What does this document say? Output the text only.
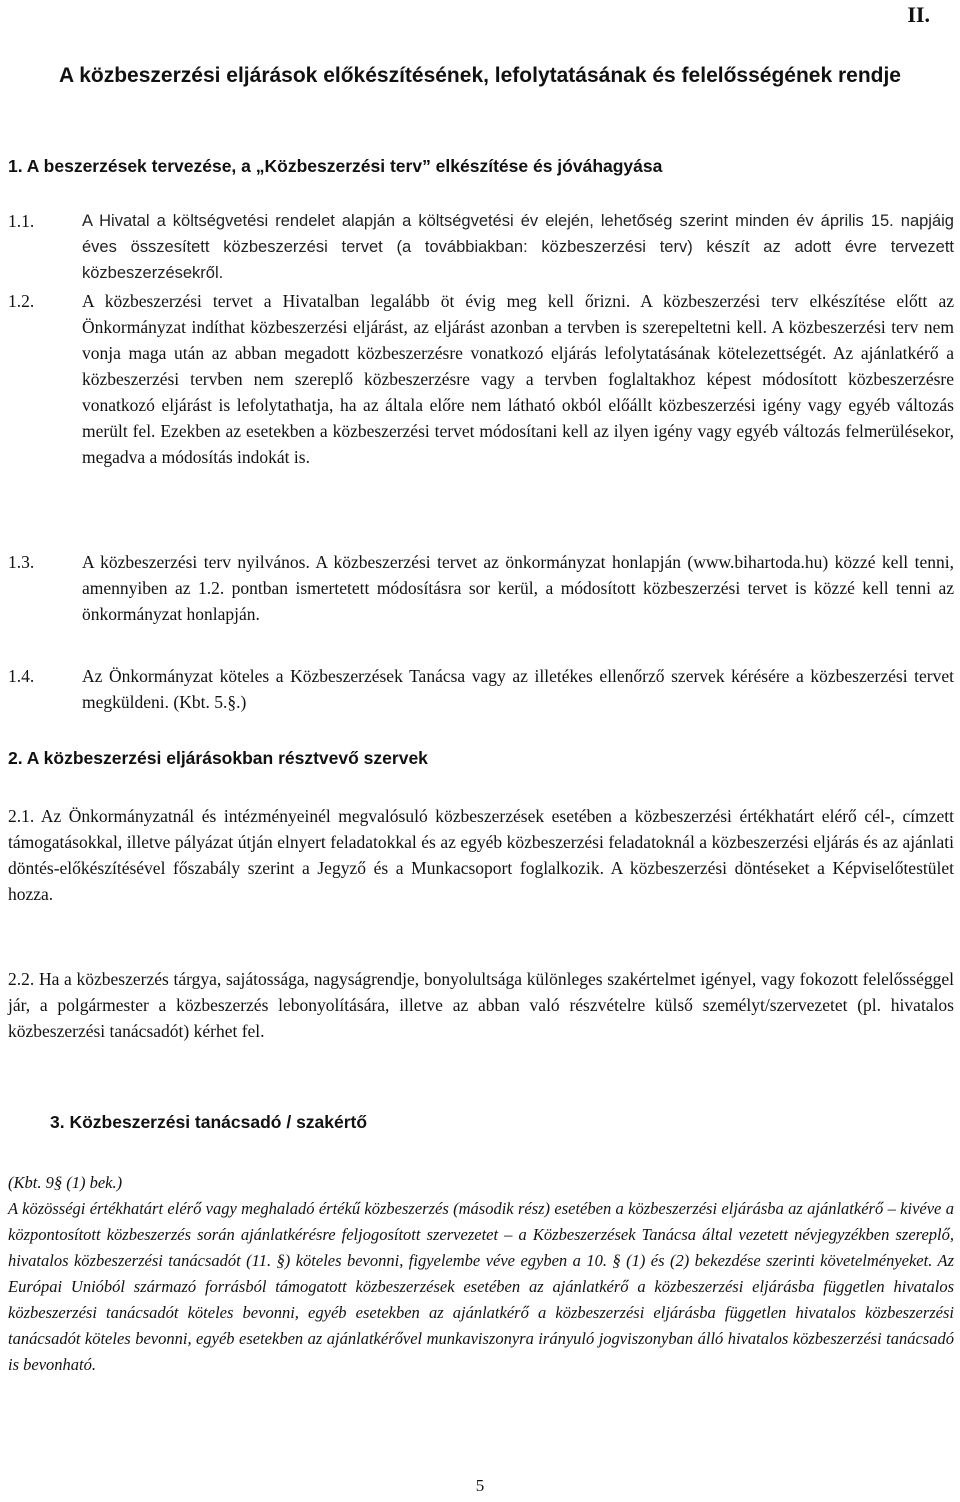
II.
A közbeszerzési eljárások előkészítésének, lefolytatásának és felelősségének rendje
1. A beszerzések tervezése, a „Közbeszerzési terv” elkészítése és jóváhagyása
1.1.	A Hivatal a költségvetési rendelet alapján a költségvetési év elején, lehetőség szerint minden év április 15. napjáig éves összesített közbeszerzési tervet (a továbbiakban: közbeszerzési terv) készít az adott évre tervezett közbeszerzésekről.
1.2.	A közbeszerzési tervet a Hivatalban legalább öt évig meg kell őrizni. A közbeszerzési terv elkészítése előtt az Önkormányzat indíthat közbeszerzési eljárást, az eljárást azonban a tervben is szerepeltetni kell. A közbeszerzési terv nem vonja maga után az abban megadott közbeszerzésre vonatkozó eljárás lefolytatásának kötelezettségét. Az ajánlatkérő a közbeszerzési tervben nem szereplő közbeszerzésre vagy a tervben foglaltakhoz képest módosított közbeszerzésre vonatkozó eljárást is lefolytathatja, ha az általa előre nem látható okból előállt közbeszerzési igény vagy egyéb változás merült fel. Ezekben az esetekben a közbeszerzési tervet módosítani kell az ilyen igény vagy egyéb változás felmerülésekor, megadva a módosítás indokát is.
1.3.	A közbeszerzési terv nyilvános. A közbeszerzési tervet az önkormányzat honlapján (www.bihartoda.hu) közzé kell tenni, amennyiben az 1.2. pontban ismertetett módosításra sor kerül, a módosított közbeszerzési tervet is közzé kell tenni az önkormányzat honlapján.
1.4.	Az Önkormányzat köteles a Közbeszerzések Tanácsa vagy az illetékes ellenőrző szervek kérésére a közbeszerzési tervet megküldeni. (Kbt. 5.§.)
2. A közbeszerzési eljárásokban résztvevő szervek
2.1. Az Önkormányzatnál és intézményeinél megvalósuló közbeszerzések esetében a közbeszerzési értékhatárt elérő cél-, címzett támogatásokkal, illetve pályázat útján elnyert feladatokkal és az egyéb közbeszerzési feladatoknál a közbeszerzési eljárás és az ajánlati döntés-előkészítésével főszabály szerint a Jegyző és a Munkacsoport foglalkozik. A közbeszerzési döntéseket a Képviselőtestület hozza.
2.2. Ha a közbeszerzés tárgya, sajátossága, nagyságrendje, bonyolultsága különleges szakértelmet igényel, vagy fokozott felelősséggel jár, a polgármester a közbeszerzés lebonyolítására, illetve az abban való részvételre külső személyt/szervezetet (pl. hivatalos közbeszerzési tanácsadót) kérhet fel.
3. Közbeszerzési tanácsadó / szakértő
(Kbt. 9§ (1) bek.)
A közösségi értékhatárt elérő vagy meghaladó értékű közbeszerzés (második rész) esetében a közbeszerzési eljárásba az ajánlatkérő – kivéve a központosított közbeszerzés során ajánlatkérésre feljogosított szervezetet – a Közbeszerzések Tanácsa által vezetett névjegyzékben szereplő, hivatalos közbeszerzési tanácsadót (11. §) köteles bevonni, figyelembe véve egyben a 10. § (1) és (2) bekezdése szerinti követelményeket. Az Európai Unióból származó forrásból támogatott közbeszerzések esetében az ajánlatkérő a közbeszerzési eljárásba független hivatalos közbeszerzési tanácsadót köteles bevonni, egyéb esetekben az ajánlatkérő a közbeszerzési eljárásba független hivatalos közbeszerzési tanácsadót köteles bevonni, egyéb esetekben az ajánlatkérővel munkaviszonyra irányuló jogviszonyban álló hivatalos közbeszerzési tanácsadó is bevonható.
5
